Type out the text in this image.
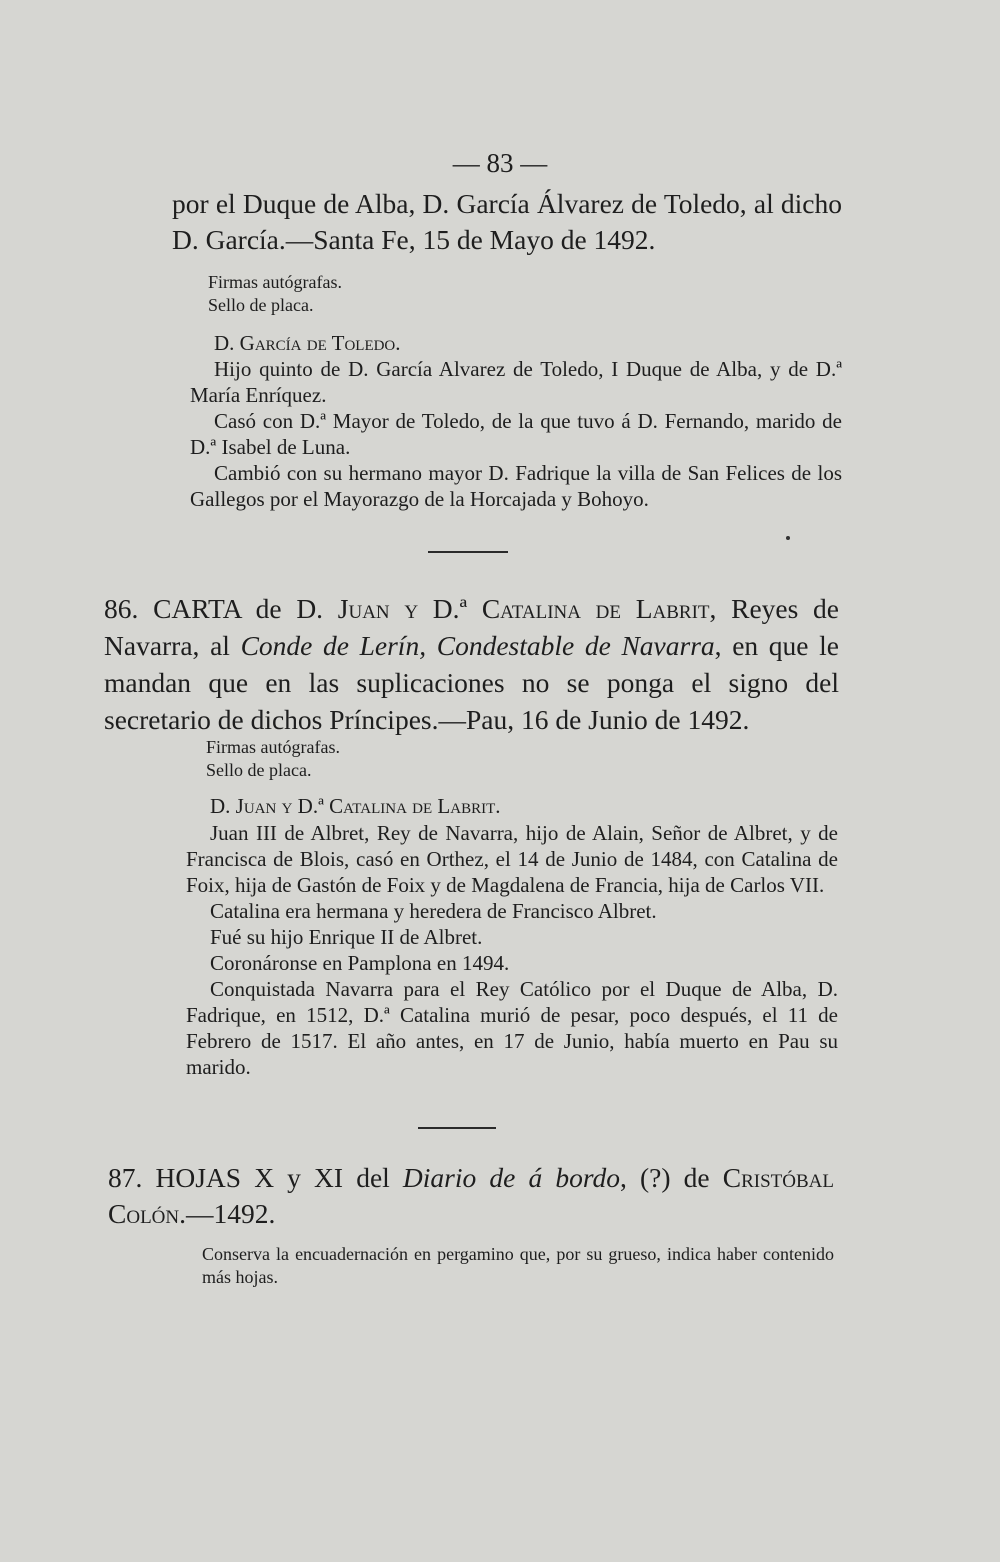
— 83 —

por el Duque de Alba, D. García Álvarez de Toledo, al dicho D. García.—Santa Fe, 15 de Mayo de 1492.

Firmas autógrafas.
Sello de placa.
D. García de Toledo.

Hijo quinto de D. García Alvarez de Toledo, I Duque de Alba, y de D.ª María Enríquez.

Casó con D.ª Mayor de Toledo, de la que tuvo á D. Fernando, marido de D.ª Isabel de Luna.

Cambió con su hermano mayor D. Fadrique la villa de San Felices de los Gallegos por el Mayorazgo de la Horcajada y Bohoyo.

86. CARTA de D. Juan y D.ª Catalina de Labrit, Reyes de Navarra, al Conde de Lerín, Condestable de Navarra, en que le mandan que en las suplicaciones no se ponga el signo del secretario de dichos Príncipes.—Pau, 16 de Junio de 1492.

Firmas autógrafas.
Sello de placa.
D. Juan y D.ª Catalina de Labrit.

Juan III de Albret, Rey de Navarra, hijo de Alain, Señor de Albret, y de Francisca de Blois, casó en Orthez, el 14 de Junio de 1484, con Catalina de Foix, hija de Gastón de Foix y de Magdalena de Francia, hija de Carlos VII.

Catalina era hermana y heredera de Francisco Albret.

Fué su hijo Enrique II de Albret.

Coronáronse en Pamplona en 1494.

Conquistada Navarra para el Rey Católico por el Duque de Alba, D. Fadrique, en 1512, D.ª Catalina murió de pesar, poco después, el 11 de Febrero de 1517. El año antes, en 17 de Junio, había muerto en Pau su marido.

87. HOJAS X y XI del Diario de á bordo, (?) de Cristóbal Colón.—1492.

Conserva la encuadernación en pergamino que, por su grueso, indica haber contenido más hojas.
